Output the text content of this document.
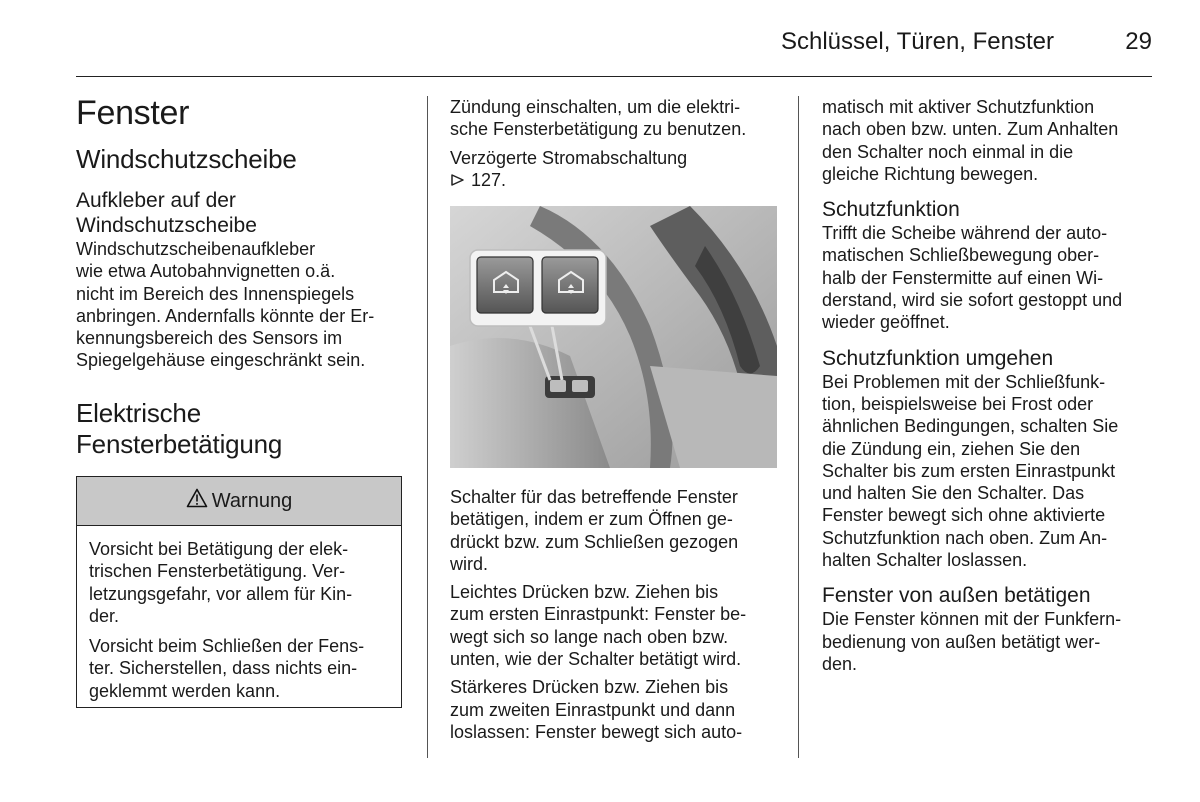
Schlüssel, Türen, Fenster	29
Fenster
Windschutzscheibe
Aufkleber auf der
Windschutzscheibe
Windschutzscheibenaufkleber
wie etwa Autobahnvignetten o.ä.
nicht im Bereich des Innenspiegels
anbringen. Andernfalls könnte der Er-
kennungsbereich des Sensors im
Spiegelgehäuse eingeschränkt sein.
Elektrische
Fensterbetätigung
Warnung
Vorsicht bei Betätigung der elek-
trischen Fensterbetätigung. Ver-
letzungsgefahr, vor allem für Kin-
der.
Vorsicht beim Schließen der Fens-
ter. Sicherstellen, dass nichts ein-
geklemmt werden kann.
Zündung einschalten, um die elektri-
sche Fensterbetätigung zu benutzen.
Verzögerte Stromabschaltung
127.
Schalter für das betreffende Fenster
betätigen, indem er zum Öffnen ge-
drückt bzw. zum Schließen gezogen
wird.
Leichtes Drücken bzw. Ziehen bis
zum ersten Einrastpunkt: Fenster be-
wegt sich so lange nach oben bzw.
unten, wie der Schalter betätigt wird.
Stärkeres Drücken bzw. Ziehen bis
zum zweiten Einrastpunkt und dann
loslassen: Fenster bewegt sich auto-
matisch mit aktiver Schutzfunktion
nach oben bzw. unten. Zum Anhalten
den Schalter noch einmal in die
gleiche Richtung bewegen.
Schutzfunktion
Trifft die Scheibe während der auto-
matischen Schließbewegung ober-
halb der Fenstermitte auf einen Wi-
derstand, wird sie sofort gestoppt und
wieder geöffnet.
Schutzfunktion umgehen
Bei Problemen mit der Schließfunk-
tion, beispielsweise bei Frost oder
ähnlichen Bedingungen, schalten Sie
die Zündung ein, ziehen Sie den
Schalter bis zum ersten Einrastpunkt
und halten Sie den Schalter. Das
Fenster bewegt sich ohne aktivierte
Schutzfunktion nach oben. Zum An-
halten Schalter loslassen.
Fenster von außen betätigen
Die Fenster können mit der Funkfern-
bedienung von außen betätigt wer-
den.
